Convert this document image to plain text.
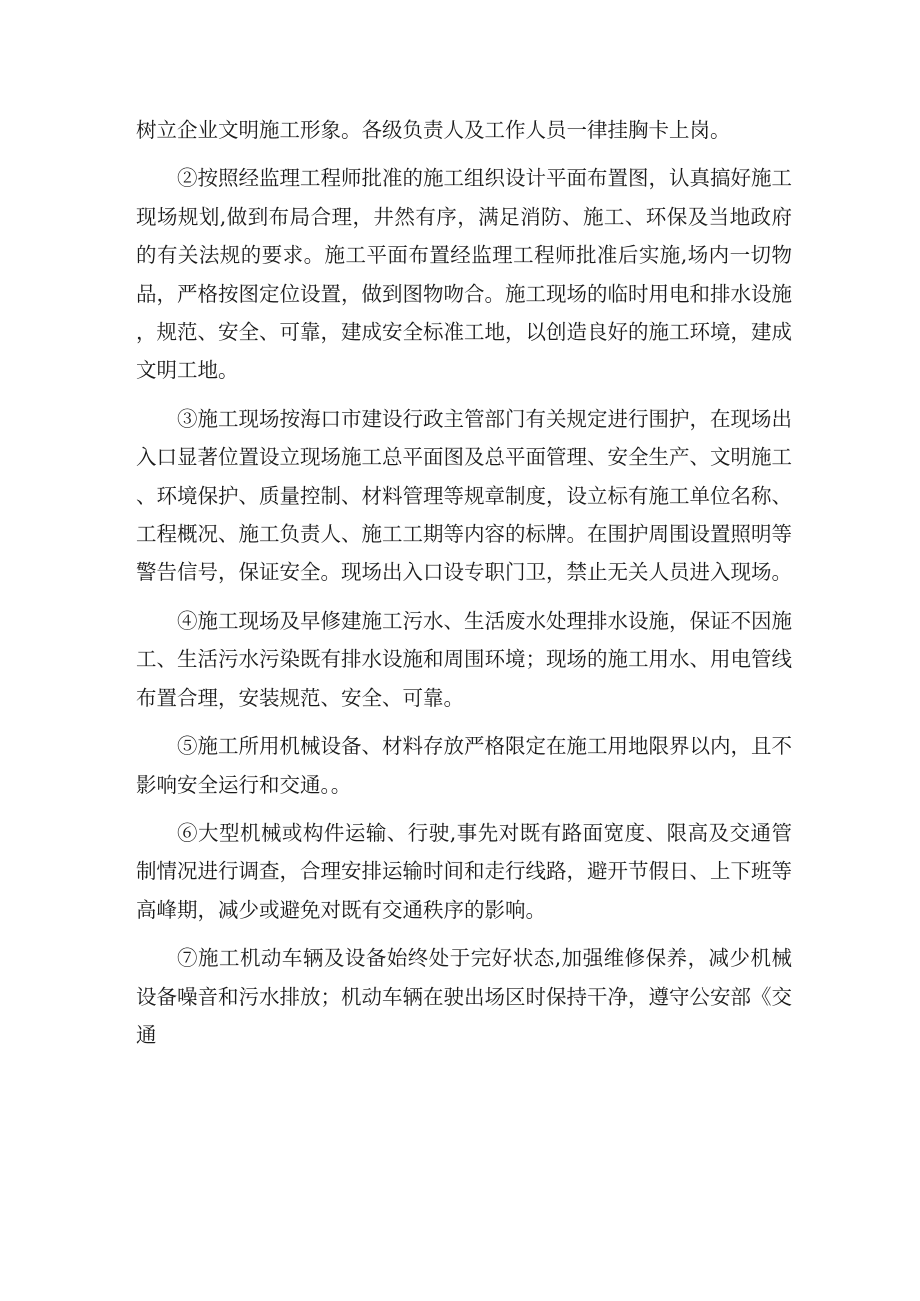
树立企业文明施工形象。各级负责人及工作人员一律挂胸卡上岗。

②按照经监理工程师批准的施工组织设计平面布置图，认真搞好施工现场规划,做到布局合理，井然有序，满足消防、施工、环保及当地政府的有关法规的要求。施工平面布置经监理工程师批准后实施,场内一切物品，严格按图定位设置，做到图物吻合。施工现场的临时用电和排水设施，规范、安全、可靠，建成安全标准工地，以创造良好的施工环境，建成文明工地。

③施工现场按海口市建设行政主管部门有关规定进行围护，在现场出入口显著位置设立现场施工总平面图及总平面管理、安全生产、文明施工、环境保护、质量控制、材料管理等规章制度，设立标有施工单位名称、工程概况、施工负责人、施工工期等内容的标牌。在围护周围设置照明等警告信号，保证安全。现场出入口设专职门卫，禁止无关人员进入现场。

④施工现场及早修建施工污水、生活废水处理排水设施，保证不因施工、生活污水污染既有排水设施和周围环境；现场的施工用水、用电管线布置合理，安装规范、安全、可靠。

⑤施工所用机械设备、材料存放严格限定在施工用地限界以内，且不影响安全运行和交通。。

⑥大型机械或构件运输、行驶,事先对既有路面宽度、限高及交通管制情况进行调查，合理安排运输时间和走行线路，避开节假日、上下班等高峰期，减少或避免对既有交通秩序的影响。

⑦施工机动车辆及设备始终处于完好状态,加强维修保养，减少机械设备噪音和污水排放；机动车辆在驶出场区时保持干净，遵守公安部《交通
